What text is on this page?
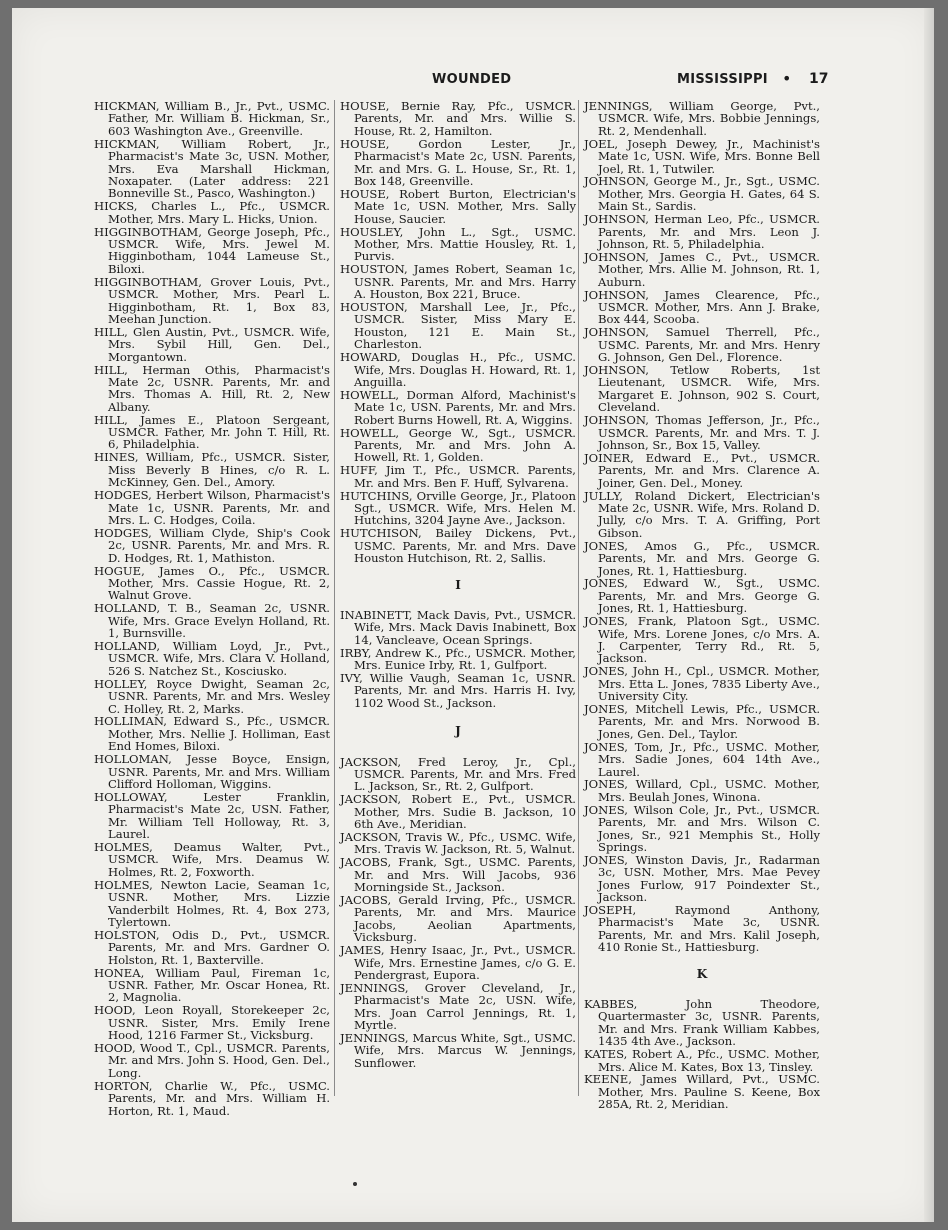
WOUNDED	MISSISSIPPI • 17
HICKMAN, William B., Jr., Pvt., USMC. Father, Mr. William B. Hickman, Sr., 603 Washington Ave., Greenville.
HICKMAN, William Robert, Jr., Pharmacist's Mate 3c, USN. Mother, Mrs. Eva Marshall Hickman, Noxapater. (Later address: 221 Bonneville St., Pasco, Washington.)
HICKS, Charles L., Pfc., USMCR. Mother, Mrs. Mary L. Hicks, Union.
HIGGINBOTHAM, George Joseph, Pfc., USMCR. Wife, Mrs. Jewel M. Higginbotham, 1044 Lameuse St., Biloxi.
HIGGINBOTHAM, Grover Louis, Pvt., USMCR. Mother, Mrs. Pearl L. Higginbotham, Rt. 1, Box 83, Meehan Junction.
HILL, Glen Austin, Pvt., USMCR. Wife, Mrs. Sybil Hill, Gen. Del., Morgantown.
HILL, Herman Othis, Pharmacist's Mate 2c, USNR. Parents, Mr. and Mrs. Thomas A. Hill, Rt. 2, New Albany.
HILL, James E., Platoon Sergeant, USMCR. Father, Mr. John T. Hill, Rt. 6, Philadelphia.
HINES, William, Pfc., USMCR. Sister, Miss Beverly B Hines, c/o R. L. McKinney, Gen. Del., Amory.
HODGES, Herbert Wilson, Pharmacist's Mate 1c, USNR. Parents, Mr. and Mrs. L. C. Hodges, Coila.
HODGES, William Clyde, Ship's Cook 2c, USNR. Parents, Mr. and Mrs. R. D. Hodges, Rt. 1, Mathiston.
HOGUE, James O., Pfc., USMCR. Mother, Mrs. Cassie Hogue, Rt. 2, Walnut Grove.
HOLLAND, T. B., Seaman 2c, USNR. Wife, Mrs. Grace Evelyn Holland, Rt. 1, Burnsville.
HOLLAND, William Loyd, Jr., Pvt., USMCR. Wife, Mrs. Clara V. Holland, 526 S. Natchez St., Kosciusko.
HOLLEY, Royce Dwight, Seaman 2c, USNR. Parents, Mr. and Mrs. Wesley C. Holley, Rt. 2, Marks.
HOLLIMAN, Edward S., Pfc., USMCR. Mother, Mrs. Nellie J. Holliman, East End Homes, Biloxi.
HOLLOMAN, Jesse Boyce, Ensign, USNR. Parents, Mr. and Mrs. William Clifford Holloman, Wiggins.
HOLLOWAY, Lester Franklin, Pharmacist's Mate 2c, USN. Father, Mr. William Tell Holloway, Rt. 3, Laurel.
HOLMES, Deamus Walter, Pvt., USMCR. Wife, Mrs. Deamus W. Holmes, Rt. 2, Foxworth.
HOLMES, Newton Lacie, Seaman 1c, USNR. Mother, Mrs. Lizzie Vanderbilt Holmes, Rt. 4, Box 273, Tylertown.
HOLSTON, Odis D., Pvt., USMCR. Parents, Mr. and Mrs. Gardner O. Holston, Rt. 1, Baxterville.
HONEA, William Paul, Fireman 1c, USNR. Father, Mr. Oscar Honea, Rt. 2, Magnolia.
HOOD, Leon Royall, Storekeeper 2c, USNR. Sister, Mrs. Emily Irene Hood, 1216 Farmer St., Vicksburg.
HOOD, Wood T., Cpl., USMCR. Parents, Mr. and Mrs. John S. Hood, Gen. Del., Long.
HORTON, Charlie W., Pfc., USMC. Parents, Mr. and Mrs. William H. Horton, Rt. 1, Maud.
HOUSE, Bernie Ray, Pfc., USMCR. Parents, Mr. and Mrs. Willie S. House, Rt. 2, Hamilton.
HOUSE, Gordon Lester, Jr., Pharmacist's Mate 2c, USN. Parents, Mr. and Mrs. G. L. House, Sr., Rt. 1, Box 148, Greenville.
HOUSE, Robert Burton, Electrician's Mate 1c, USN. Mother, Mrs. Sally House, Saucier.
HOUSLEY, John L., Sgt., USMC. Mother, Mrs. Mattie Housley, Rt. 1, Purvis.
HOUSTON, James Robert, Seaman 1c, USNR. Parents, Mr. and Mrs. Harry A. Houston, Box 221, Bruce.
HOUSTON, Marshall Lee, Jr., Pfc., USMCR. Sister, Miss Mary E. Houston, 121 E. Main St., Charleston.
HOWARD, Douglas H., Pfc., USMC. Wife, Mrs. Douglas H. Howard, Rt. 1, Anguilla.
HOWELL, Dorman Alford, Machinist's Mate 1c, USN. Parents, Mr. and Mrs. Robert Burns Howell, Rt. A, Wiggins.
HOWELL, George W., Sgt., USMCR. Parents, Mr. and Mrs. John A. Howell, Rt. 1, Golden.
HUFF, Jim T., Pfc., USMCR. Parents, Mr. and Mrs. Ben F. Huff, Sylvarena.
HUTCHINS, Orville George, Jr., Platoon Sgt., USMCR. Wife, Mrs. Helen M. Hutchins, 3204 Jayne Ave., Jackson.
HUTCHISON, Bailey Dickens, Pvt., USMC. Parents, Mr. and Mrs. Dave Houston Hutchison, Rt. 2, Sallis.
I
INABINETT, Mack Davis, Pvt., USMCR. Wife, Mrs. Mack Davis Inabinett, Box 14, Vancleave, Ocean Springs.
IRBY, Andrew K., Pfc., USMCR. Mother, Mrs. Eunice Irby, Rt. 1, Gulfport.
IVY, Willie Vaugh, Seaman 1c, USNR. Parents, Mr. and Mrs. Harris H. Ivy, 1102 Wood St., Jackson.
J
JACKSON, Fred Leroy, Jr., Cpl., USMCR. Parents, Mr. and Mrs. Fred L. Jackson, Sr., Rt. 2, Gulfport.
JACKSON, Robert E., Pvt., USMCR. Mother, Mrs. Sudie B. Jackson, 10 6th Ave., Meridian.
JACKSON, Travis W., Pfc., USMC. Wife, Mrs. Travis W. Jackson, Rt. 5, Walnut.
JACOBS, Frank, Sgt., USMC. Parents, Mr. and Mrs. Will Jacobs, 936 Morningside St., Jackson.
JACOBS, Gerald Irving, Pfc., USMCR. Parents, Mr. and Mrs. Maurice Jacobs, Aeolian Apartments, Vicksburg.
JAMES, Henry Isaac, Jr., Pvt., USMCR. Wife, Mrs. Ernestine James, c/o G. E. Pendergrast, Eupora.
JENNINGS, Grover Cleveland, Jr., Pharmacist's Mate 2c, USN. Wife, Mrs. Joan Carrol Jennings, Rt. 1, Myrtle.
JENNINGS, Marcus White, Sgt., USMC. Wife, Mrs. Marcus W. Jennings, Sunflower.
JENNINGS, William George, Pvt., USMCR. Wife, Mrs. Bobbie Jennings, Rt. 2, Mendenhall.
JOEL, Joseph Dewey, Jr., Machinist's Mate 1c, USN. Wife, Mrs. Bonne Bell Joel, Rt. 1, Tutwiler.
JOHNSON, George M., Jr., Sgt., USMC. Mother, Mrs. Georgia H. Gates, 64 S. Main St., Sardis.
JOHNSON, Herman Leo, Pfc., USMCR. Parents, Mr. and Mrs. Leon J. Johnson, Rt. 5, Philadelphia.
JOHNSON, James C., Pvt., USMCR. Mother, Mrs. Allie M. Johnson, Rt. 1, Auburn.
JOHNSON, James Clearence, Pfc., USMCR. Mother, Mrs. Ann J. Brake, Box 444, Scooba.
JOHNSON, Samuel Therrell, Pfc., USMC. Parents, Mr. and Mrs. Henry G. Johnson, Gen Del., Florence.
JOHNSON, Tetlow Roberts, 1st Lieutenant, USMCR. Wife, Mrs. Margaret E. Johnson, 902 S. Court, Cleveland.
JOHNSON, Thomas Jefferson, Jr., Pfc., USMCR. Parents, Mr. and Mrs. T. J. Johnson, Sr., Box 15, Valley.
JOINER, Edward E., Pvt., USMCR. Parents, Mr. and Mrs. Clarence A. Joiner, Gen. Del., Money.
JULLY, Roland Dickert, Electrician's Mate 2c, USNR. Wife, Mrs. Roland D. Jully, c/o Mrs. T. A. Griffing, Port Gibson.
JONES, Amos G., Pfc., USMCR. Parents, Mr. and Mrs. George G. Jones, Rt. 1, Hattiesburg.
JONES, Edward W., Sgt., USMC. Parents, Mr. and Mrs. George G. Jones, Rt. 1, Hattiesburg.
JONES, Frank, Platoon Sgt., USMC. Wife, Mrs. Lorene Jones, c/o Mrs. A. J. Carpenter, Terry Rd., Rt. 5, Jackson.
JONES, John H., Cpl., USMCR. Mother, Mrs. Etta L. Jones, 7835 Liberty Ave., University City.
JONES, Mitchell Lewis, Pfc., USMCR. Parents, Mr. and Mrs. Norwood B. Jones, Gen. Del., Taylor.
JONES, Tom, Jr., Pfc., USMC. Mother, Mrs. Sadie Jones, 604 14th Ave., Laurel.
JONES, Willard, Cpl., USMC. Mother, Mrs. Beulah Jones, Winona.
JONES, Wilson Cole, Jr., Pvt., USMCR. Parents, Mr. and Mrs. Wilson C. Jones, Sr., 921 Memphis St., Holly Springs.
JONES, Winston Davis, Jr., Radarman 3c, USN. Mother, Mrs. Mae Pevey Jones Furlow, 917 Poindexter St., Jackson.
JOSEPH, Raymond Anthony, Pharmacist's Mate 3c, USNR. Parents, Mr. and Mrs. Kalil Joseph, 410 Ronie St., Hattiesburg.
K
KABBES, John Theodore, Quartermaster 3c, USNR. Parents, Mr. and Mrs. Frank William Kabbes, 1435 4th Ave., Jackson.
KATES, Robert A., Pfc., USMC. Mother, Mrs. Alice M. Kates, Box 13, Tinsley.
KEENE, James Willard, Pvt., USMC. Mother, Mrs. Pauline S. Keene, Box 285A, Rt. 2, Meridian.
